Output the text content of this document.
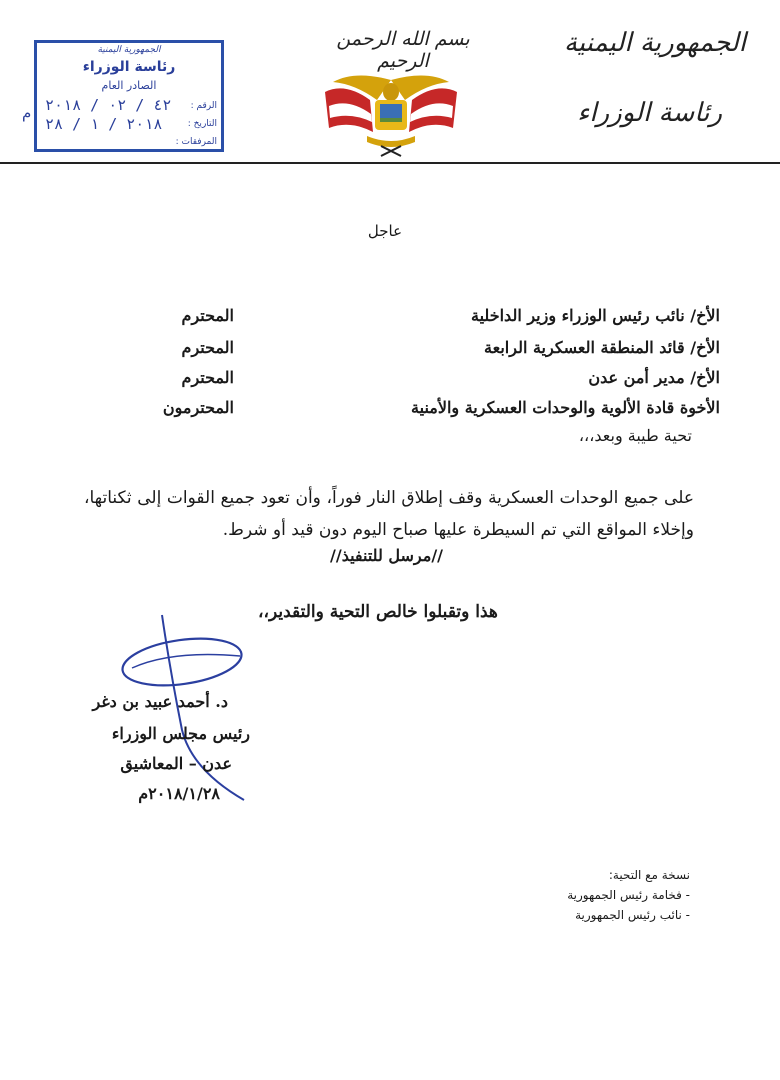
الجمهورية اليمنية
رئاسة الوزراء
بسم الله الرحمن الرحيم
الجمهورية اليمنية
رئاسة الوزراء
الصادر العام
الرقم :
٤٢ / ٠٢ / ٢٠١٨
التاريخ :
٢٠١٨ / ١ / ٢٨
المرفقات :
م
عاجل
الأخ/ نائب رئيس الوزراء وزير الداخلية
المحترم
الأخ/ قائد المنطقة العسكرية الرابعة
المحترم
الأخ/ مدير أمن عدن
المحترم
الأخوة قادة الألوية والوحدات العسكرية والأمنية
المحترمون
تحية طيبة وبعد،،،
على جميع الوحدات العسكرية وقف إطلاق النار فوراً، وأن تعود جميع القوات إلى ثكناتها، وإخلاء المواقع التي تم السيطرة عليها صباح اليوم دون قيد أو شرط.
//مرسل للتنفيذ//
هذا وتقبلوا خالص التحية والتقدير،،
د. أحمد عبيد بن دغر
رئيس مجلس الوزراء
عدن – المعاشيق
٢٠١٨/١/٢٨م
نسخة مع التحية:
- فخامة رئيس الجمهورية
- نائب رئيس الجمهورية
